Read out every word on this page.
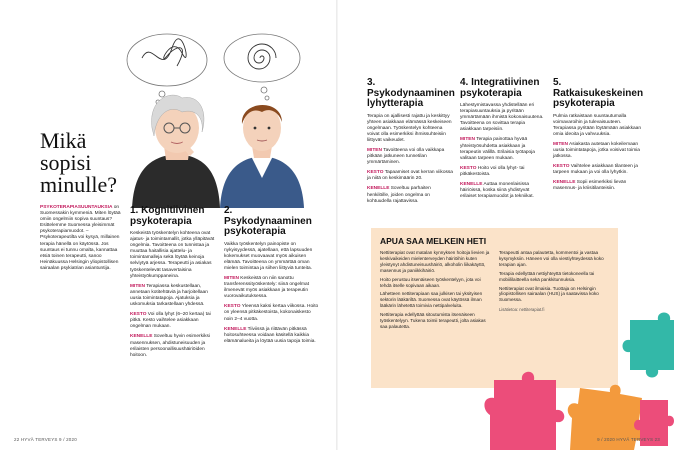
Mikä
sopisi
minulle?

PSYKOTERAPIASUUNTAUKSIA on Suomessakin kymmeniä. Miten löytää omiin ongelmiin sopiva suuntaus? Esittelemme Suomessa yleisimmät psykoterapiamuodot. – Psykoterapeutilta voi kysyä, millainen terapia hänellä on käytössä. Jos suuntaus ei tunnu omalta, kannattaa etsiä toinen terapeutti, sanoo Heinäkuussa Helsingin yliopistollisen sairaalan psykiatrian asiantuntija.

1. Kognitiivinen psykoterapia

Keskeistä työskentelyn kohteena ovat ajatus- ja toimintamallit, jotka ylläpitävät ongelmia. Tavoitteena on tunnistaa ja muuttaa haitallisia ajattelu- ja toimintamalleja sekä löytää keinoja selviytyä arjessa. Terapeutti ja asiakas työskentelevät tasavertaisina yhteistyökumppaneina.

MITEN Terapiassa keskustellaan, annetaan kotitehtäviä ja harjoitellaan uusia toimintatapoja. Ajatuksia ja uskomuksia tarkastellaan yhdessä.

KESTO Voi olla lyhyt (6–20 kertaa) tai pitkä. Kesto vaihtelee asiakkaan ongelman mukaan.

KENELLE Soveltuu hyvin esimerkiksi masennuksen, ahdistuneisuuden ja erilaisten persoonallisuushäiriöiden hoitoon.

2. Psykodynaaminen psykoterapia

Vaikka työskentelyn painopiste on nykyisyydessä, ajatellaan, että lapsuuden kokemukset muovaavat myös aikuisen elämää. Tavoitteena on ymmärtää oman mielen toimintaa ja siihen liittyviä tunteita.

MITEN Keskeistä on niin sanottu transferenssityöskentely: siinä ongelmat ilmenevät myös asiakkaan ja terapeutin vuorovaikutuksessa.

KESTO Yleensä kaksi kertaa viikossa. Hoito on yleensä pitkäkestoista, kokonaiskesto noin 2–4 vuotta.

KENELLE Tiiviissä ja riittävän pitkässä hoitosuhteessa voidaan käsitellä kaikkia elämänalueita ja löytää uusia tapoja toimia.

3. Psykodynaaminen lyhytterapia

Terapia on ajallisesti rajattu ja keskittyy yhteen asiakkaan elämässä keskeiseen ongelmaan. Työskentelyn kohteena voivat olla esimerkiksi ihmissuhteisiin liittyvät vaikeudet.

MITEN Tavoitteena voi olla vaikkapa pitkään jatkuneen tunnetilan ymmärtäminen.

KESTO Tapaamiset ovat kerran viikossa ja niitä on keskimäärin 20.

KENELLE Soveltuu parhaiten henkilöille, joiden ongelma on kohtuudella rajattavissa.

4. Integratiivinen psykoterapia

Lähestymistavassa yhdistellään eri terapiasuuntauksia ja pyritään ymmärtämään ihmistä kokonaisuutena. Tavoitteena on sovittaa terapia asiakkaan tarpeisiin.

MITEN Terapia painottaa hyvää yhteistyösuhdetta asiakkaan ja terapeutin välillä. Erilaisia työtapoja valitaan tarpeen mukaan.

KESTO Hoito voi olla lyhyt- tai pitkäkestoista.

KENELLE Auttaa monenlaisissa häiriöissä, koska siinä yhdistyvät erilaiset terapiamuodot ja tekniikat.

5. Ratkaisukeskeinen psykoterapia

Pulmia ratkaistaan suuntautumalla voimavaroihin ja tulevaisuuteen. Terapiassa pyritään löytämään asiakkaan omia ideoita ja vahvuuksia.

MITEN Asiakasta autetaan kokeilemaan uusia toimintatapoja, jotka voisivat toimia jatkossa.

KESTO Vaihtelee asiakkaan tilanteen ja tarpeen mukaan ja voi olla lyhytkin.

KENELLE Sopii esimerkiksi lievän masennus- ja kriisitilanteisiin.

APUA SAA MELKEIN HETI

Nettiterapiat ovat matalan kynnyksen hoitoja lievien ja keskivaikeiden mielenterveyden häiriöihin kuten yleistynyt ahdistuneisuushäiriö, alkoholin liikakäyttö, masennus ja paniikkihäiriö.

Hoito perustuu itsenäiseen työskentelyyn, jota voi tehdä itselle sopivaan aikaan.

Lähetteen nettiterapiaan saa julkisen tai yksityisen sektorin lääkäriltä. Suomessa ovat käytössä ilman lääkärin lähetettä toimivia nettipalveluita.

Nettiterapia edellyttää sitoutumista itsenäiseen työskentelyyn. Tukena toimii terapeutti, jolta asiakas saa palautetta.

Terapeutti antaa palautetta, kommentoi ja vastaa kysymyksiin. Häneen voi olla viestiyhteydessä koko terapian ajan.

Terapia edellyttää nettiyhteyttä tietokoneella tai mobiililaitteella sekä pankkitunnuksia.

Nettiterapiat ovat ilmaisia. Tuottaja on Helsingin yliopistollisen sairaalan (HUS) ja saatavissa koko Suomessa.

Lisätietoa: nettiterapiat.fi

22 HYVÄ TERVEYS 9 / 2020	9 / 2020 HYVÄ TERVEYS 23
